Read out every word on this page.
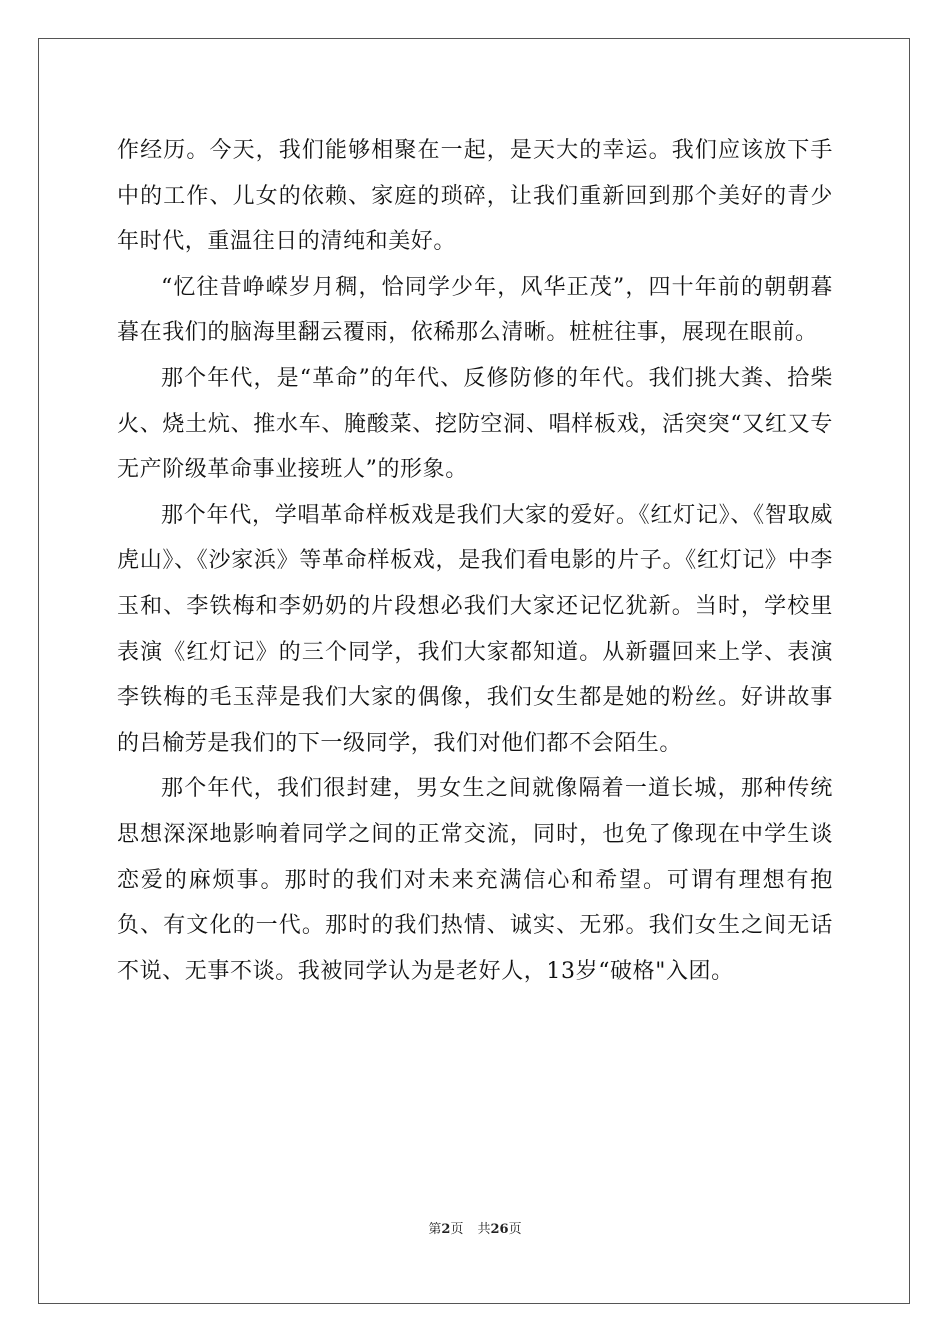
作经历。今天，我们能够相聚在一起，是天大的幸运。我们应该放下手中的工作、儿女的依赖、家庭的琐碎，让我们重新回到那个美好的青少年时代，重温往日的清纯和美好。

“忆往昔峥嵘岁月稠，恰同学少年，风华正茂”，四十年前的朝朝暮暮在我们的脑海里翻云覆雨，依稀那么清晰。桩桩往事，展现在眼前。

那个年代，是“革命”的年代、反修防修的年代。我们挑大粪、拾柴火、烧土炕、推水车、腌酸菜、挖防空洞、唱样板戏，活突突“又红又专无产阶级革命事业接班人”的形象。

那个年代，学唱革命样板戏是我们大家的爱好。《红灯记》、《智取威虎山》、《沙家浜》等革命样板戏，是我们看电影的片子。《红灯记》中李玉和、李铁梅和李奶奶的片段想必我们大家还记忆犹新。当时，学校里表演《红灯记》的三个同学，我们大家都知道。从新疆回来上学、表演李铁梅的毛玉萍是我们大家的偶像，我们女生都是她的粉丝。好讲故事的吕榆芳是我们的下一级同学，我们对他们都不会陌生。

那个年代，我们很封建，男女生之间就像隔着一道长城，那种传统思想深深地影响着同学之间的正常交流，同时，也免了像现在中学生谈恋爱的麻烦事。那时的我们对未来充满信心和希望。可谓有理想有抱负、有文化的一代。那时的我们热情、诚实、无邪。我们女生之间无话不说、无事不谈。我被同学认为是老好人，13岁“破格"入团。

第2页 共26页
